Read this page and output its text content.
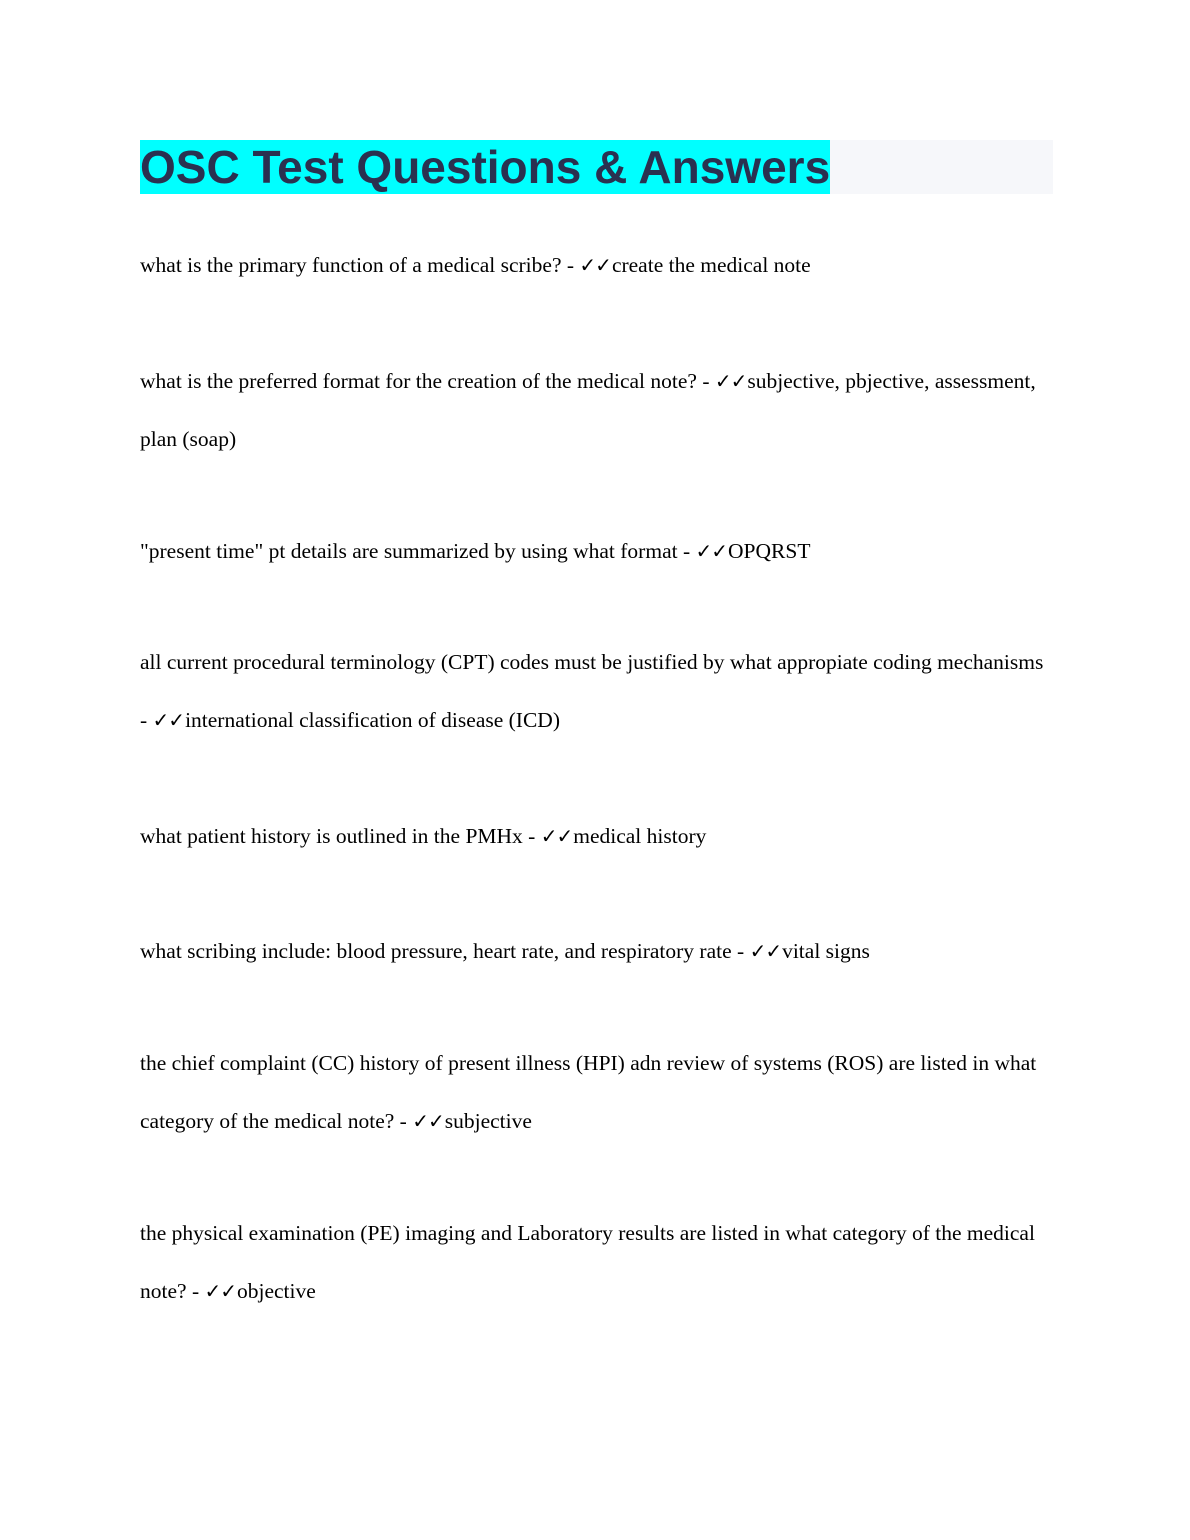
OSC Test Questions & Answers

what is the primary function of a medical scribe? - ✓✓create the medical note

what is the preferred format for the creation of the medical note? - ✓✓subjective, pbjective, assessment, plan (soap)

"present time" pt details are summarized by using what format - ✓✓OPQRST

all current procedural terminology (CPT) codes must be justified by what appropiate coding mechanisms - ✓✓international classification of disease (ICD)

what patient history is outlined in the PMHx - ✓✓medical history

what scribing include: blood pressure, heart rate, and respiratory rate - ✓✓vital signs

the chief complaint (CC) history of present illness (HPI) adn review of systems (ROS) are listed in what category of the medical note? - ✓✓subjective

the physical examination (PE) imaging and Laboratory results are listed in what category of the medical note? - ✓✓objective
